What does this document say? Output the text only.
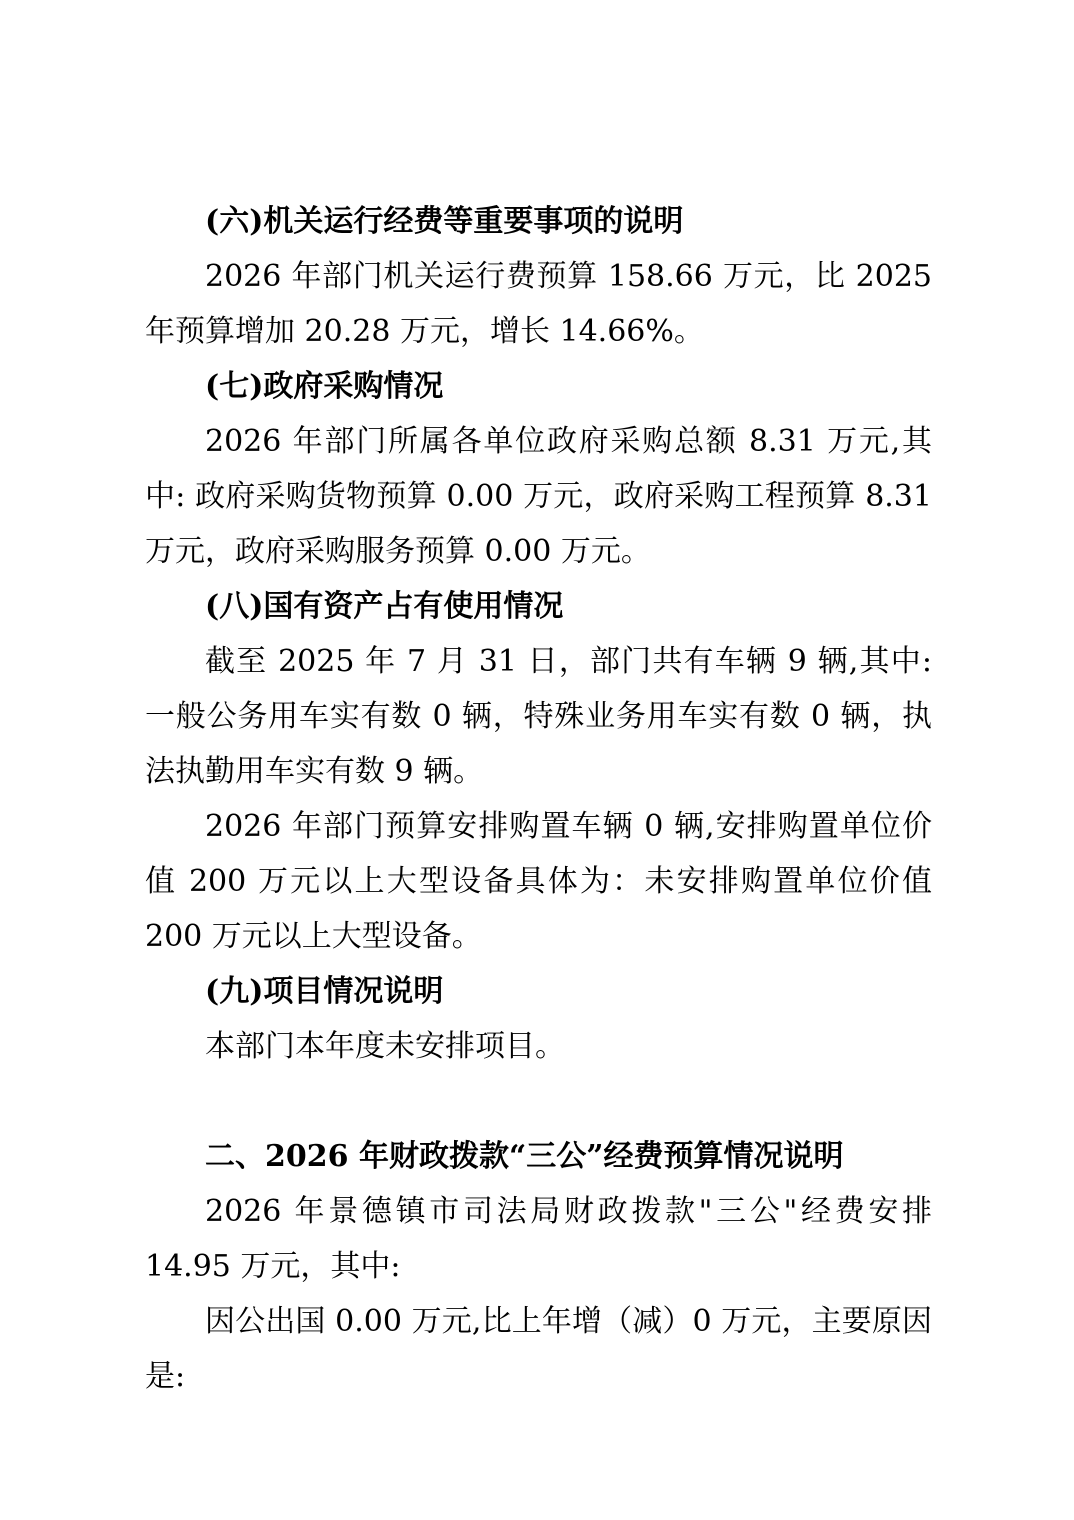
(六)机关运行经费等重要事项的说明

2026 年部门机关运行费预算 158.66 万元，比 2025 年预算增加 20.28 万元，增长 14.66%。

(七)政府采购情况

2026 年部门所属各单位政府采购总额 8.31 万元,其中: 政府采购货物预算 0.00 万元，政府采购工程预算 8.31 万元，政府采购服务预算 0.00 万元。

(八)国有资产占有使用情况

截至 2025 年 7 月 31 日，部门共有车辆 9 辆,其中: 一般公务用车实有数 0 辆，特殊业务用车实有数 0 辆，执法执勤用车实有数 9 辆。

2026 年部门预算安排购置车辆 0 辆,安排购置单位价值 200 万元以上大型设备具体为：未安排购置单位价值 200 万元以上大型设备。

(九)项目情况说明

本部门本年度未安排项目。

二、2026 年财政拨款“三公”经费预算情况说明

2026 年景德镇市司法局财政拨款"三公"经费安排 14.95 万元，其中:

因公出国 0.00 万元,比上年增（减）0 万元，主要原因是:
